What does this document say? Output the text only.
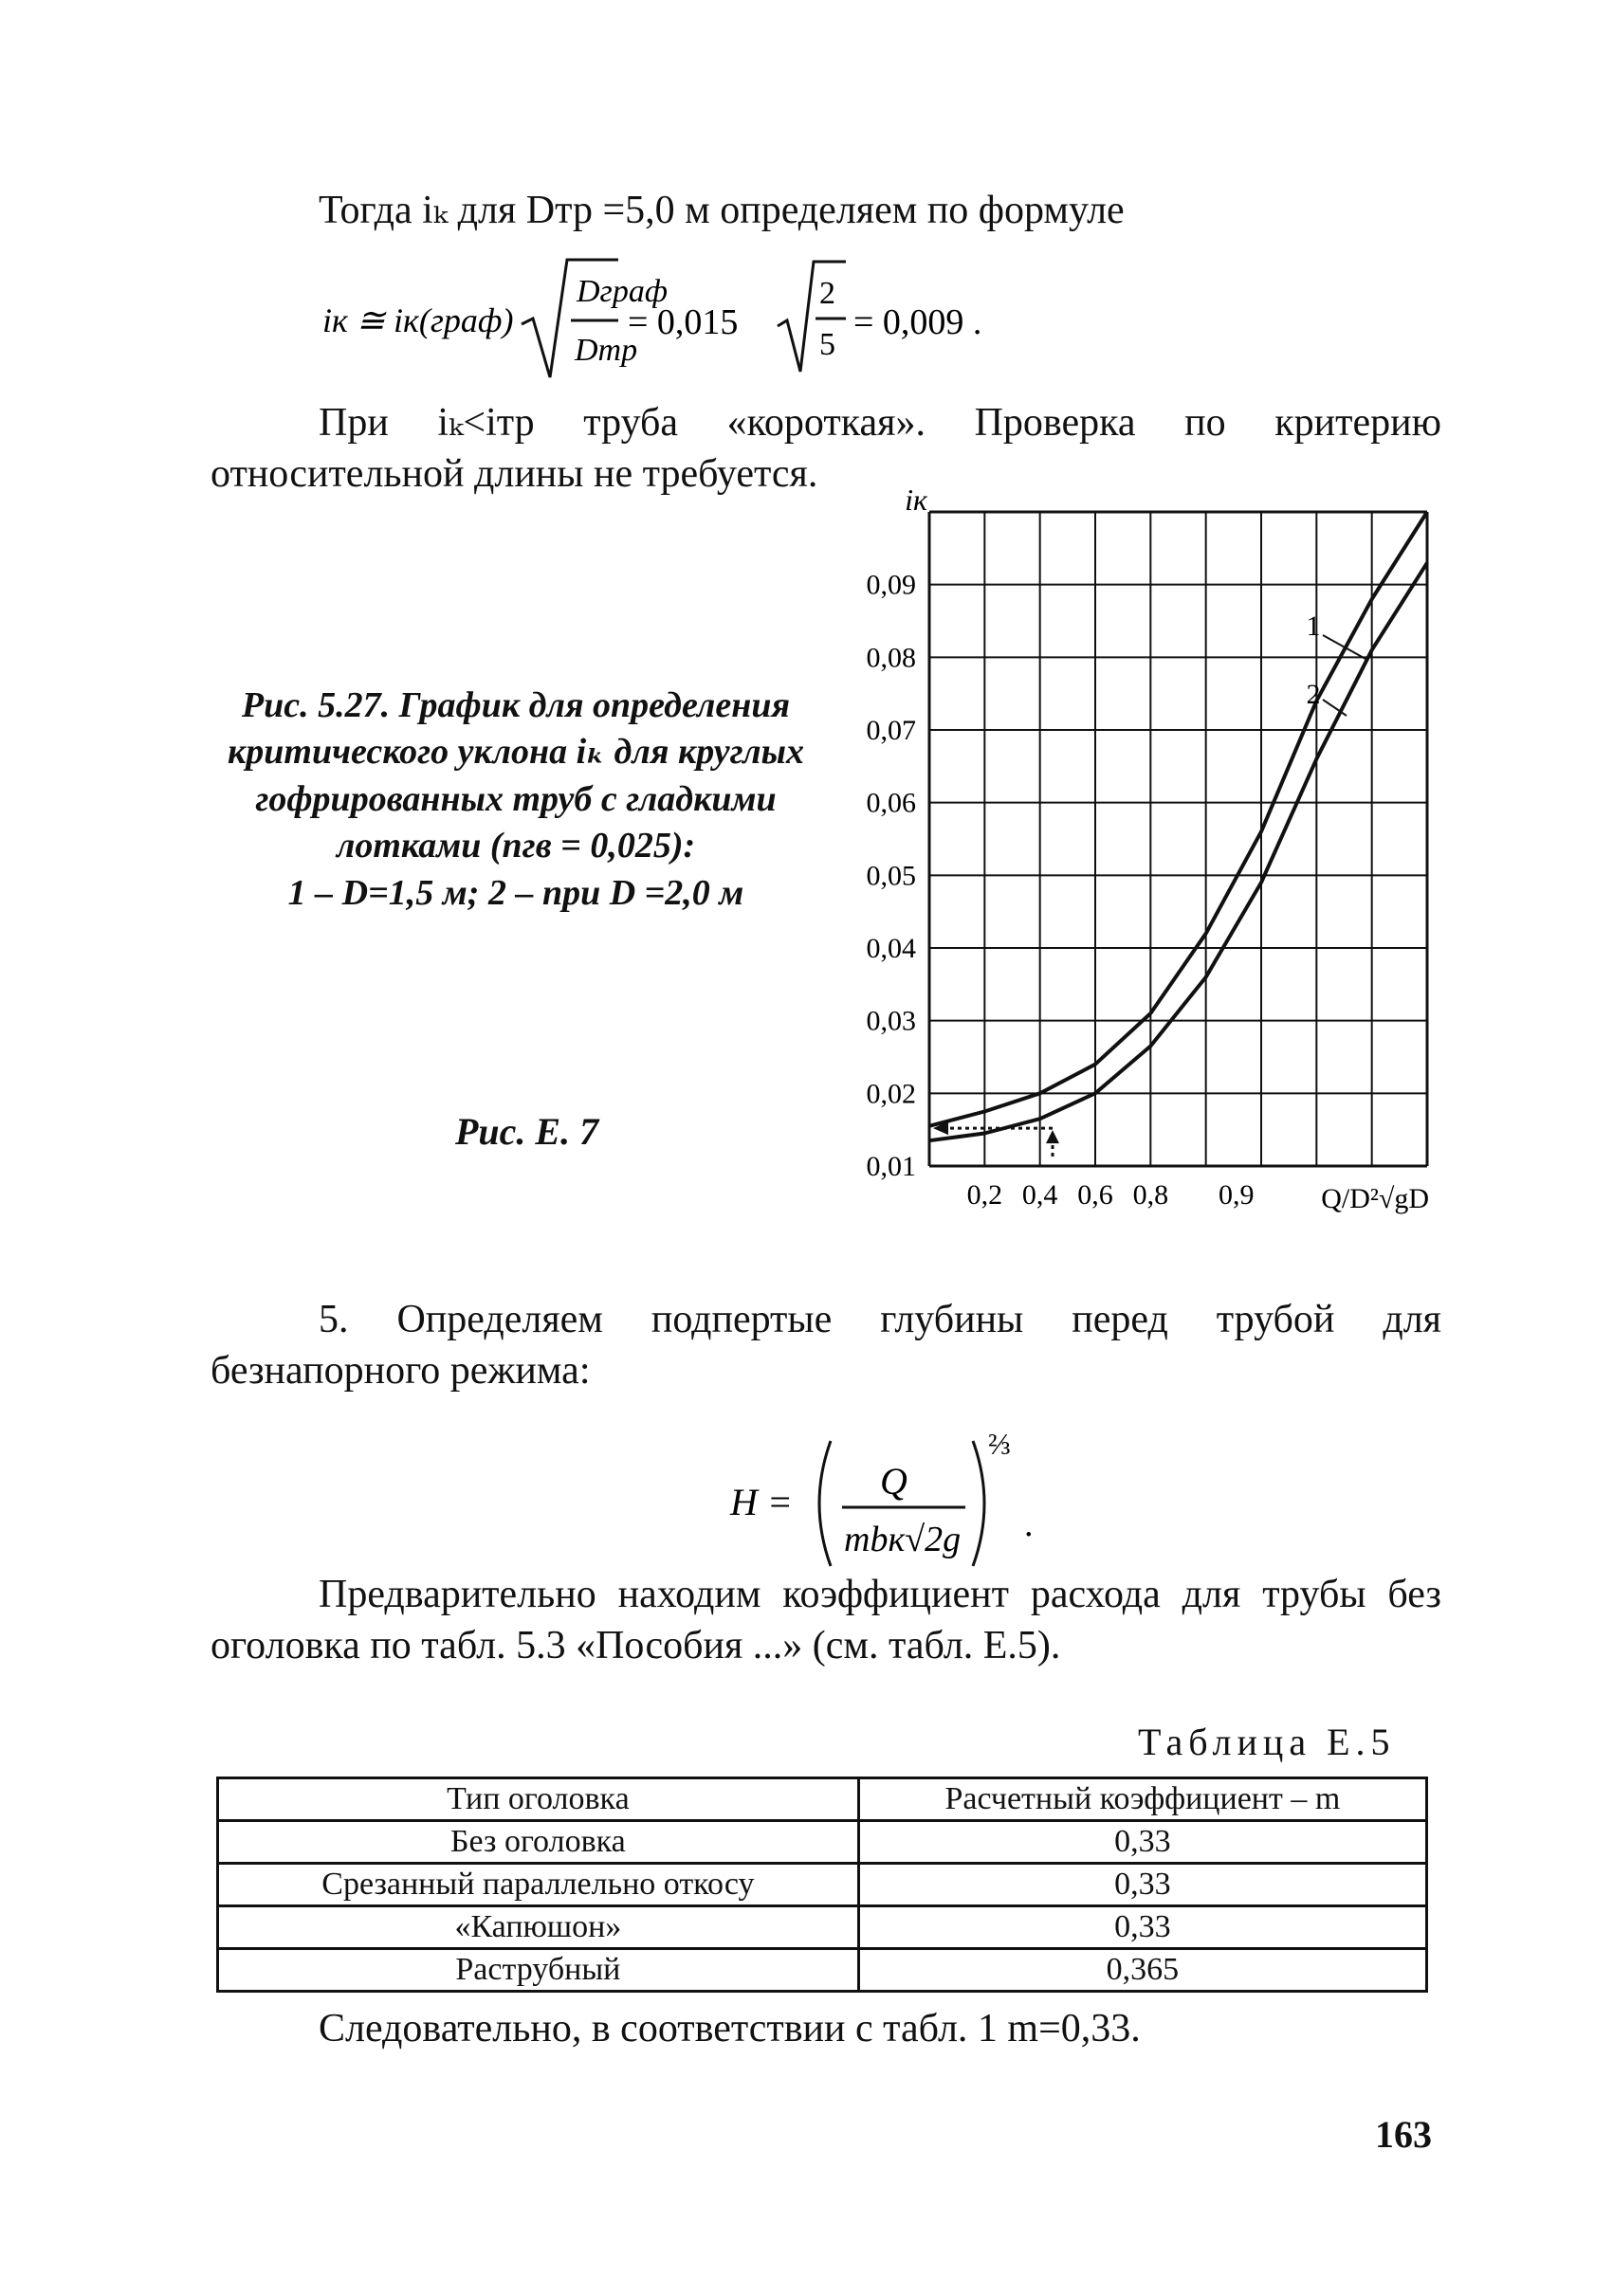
Тогда iₖ для Dтр =5,0 м определяем по формуле
iк ≅ iк(граф)
Dграф
Dтр
= 0,015
2
5
= 0,009 .
При iₖ<iтр труба «короткая». Проверка по критерию
относительной длины не требуется.
Рис. 5.27. График для определения
критического уклона iₖ для круглых
гофрированных труб с гладкими
лотками (nгв = 0,025):
1 – D=1,5 м; 2 – при D =2,0 м
Рис. Е. 7
0,01
0,02
0,03
0,04
0,05
0,06
0,07
0,08
0,09
iк
0,2 0,4 0,6 0,8 0,9 Q/D²√gD
1
2
5. Определяем подпертые глубины перед трубой для
безнапорного режима:
H = Q
mbк√2g
⅔
.
Предварительно находим коэффициент расхода для трубы без
оголовка по табл. 5.3 «Пособия ...» (см. табл. Е.5).
Таблица Е.5
Тип оголовка	Расчетный коэффициент – m
Без оголовка	0,33
Срезанный параллельно откосу	0,33
«Капюшон»	0,33
Раструбный	0,365
Следовательно, в соответствии с табл. 1 m=0,33.
163
